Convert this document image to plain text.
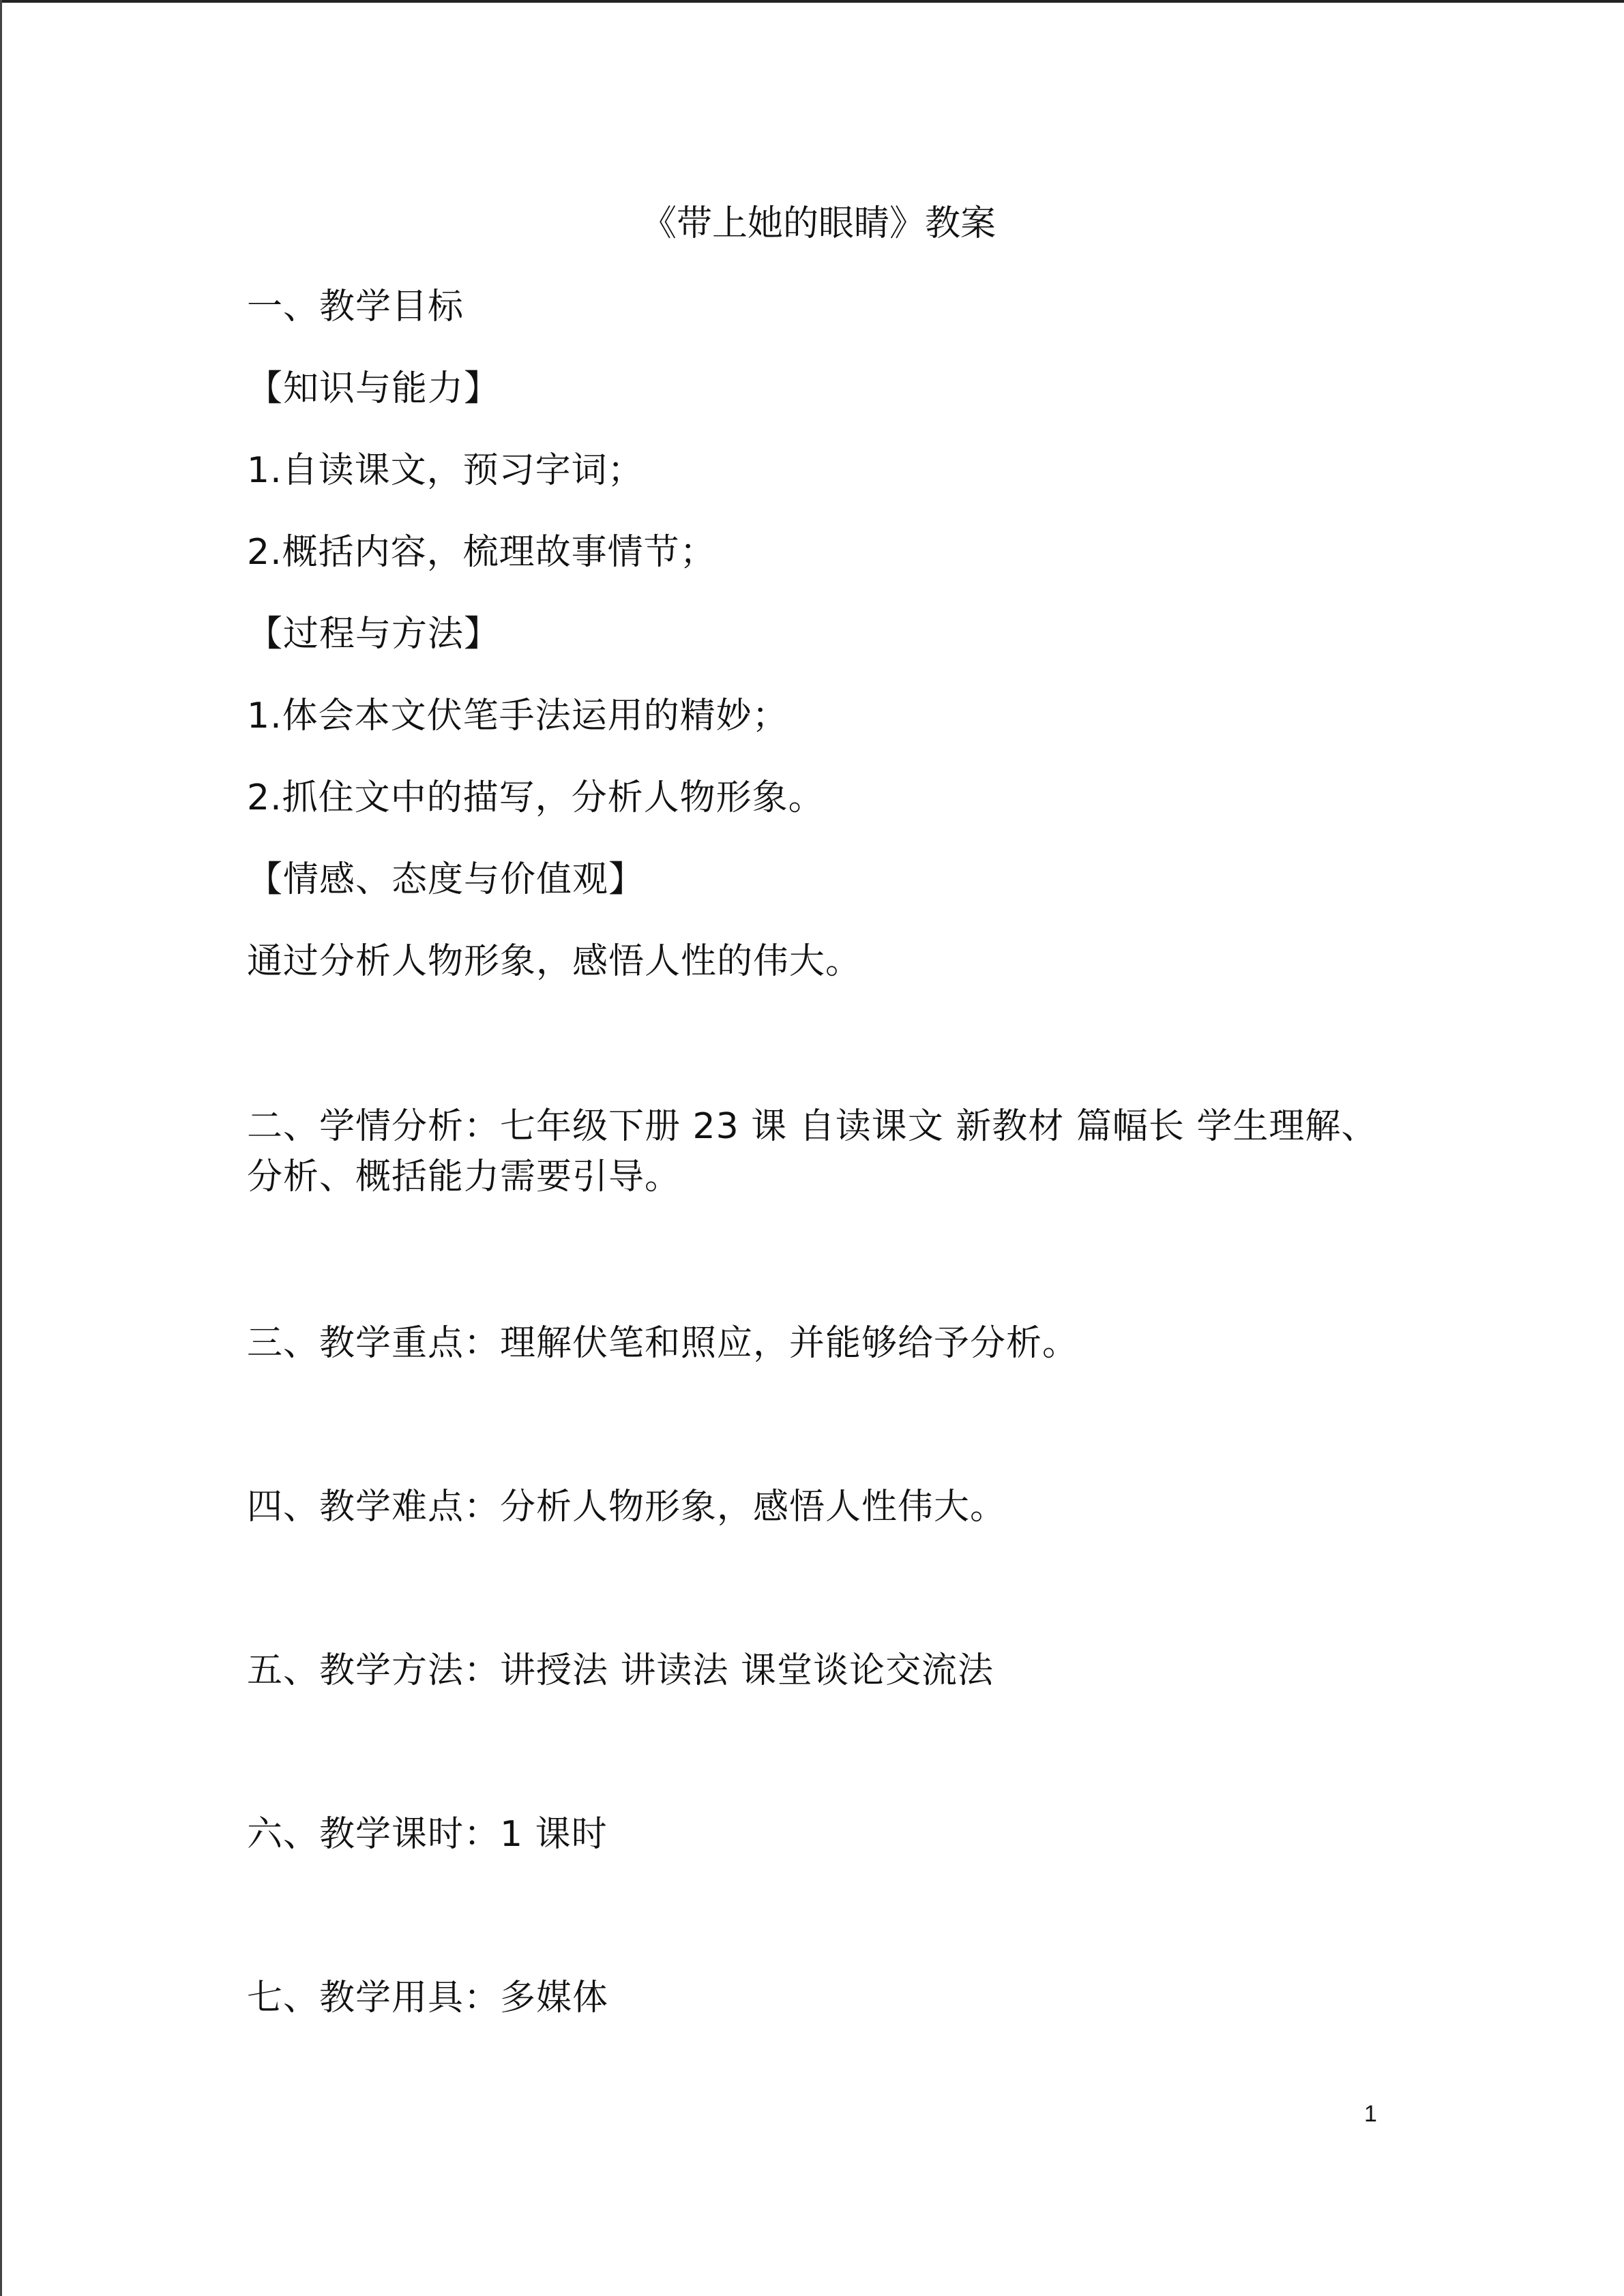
《带上她的眼睛》教案
一、教学目标
【知识与能力】
1.自读课文，预习字词；
2.概括内容，梳理故事情节；
【过程与方法】
1.体会本文伏笔手法运用的精妙；
2.抓住文中的描写，分析人物形象。
【情感、态度与价值观】
通过分析人物形象，感悟人性的伟大。
二、学情分析：七年级下册 23 课 自读课文 新教材 篇幅长 学生理解、分析、概括能力需要引导。
三、教学重点：理解伏笔和照应，并能够给予分析。
四、教学难点：分析人物形象，感悟人性伟大。
五、教学方法：讲授法 讲读法 课堂谈论交流法
六、教学课时：1 课时
七、教学用具：多媒体
1
